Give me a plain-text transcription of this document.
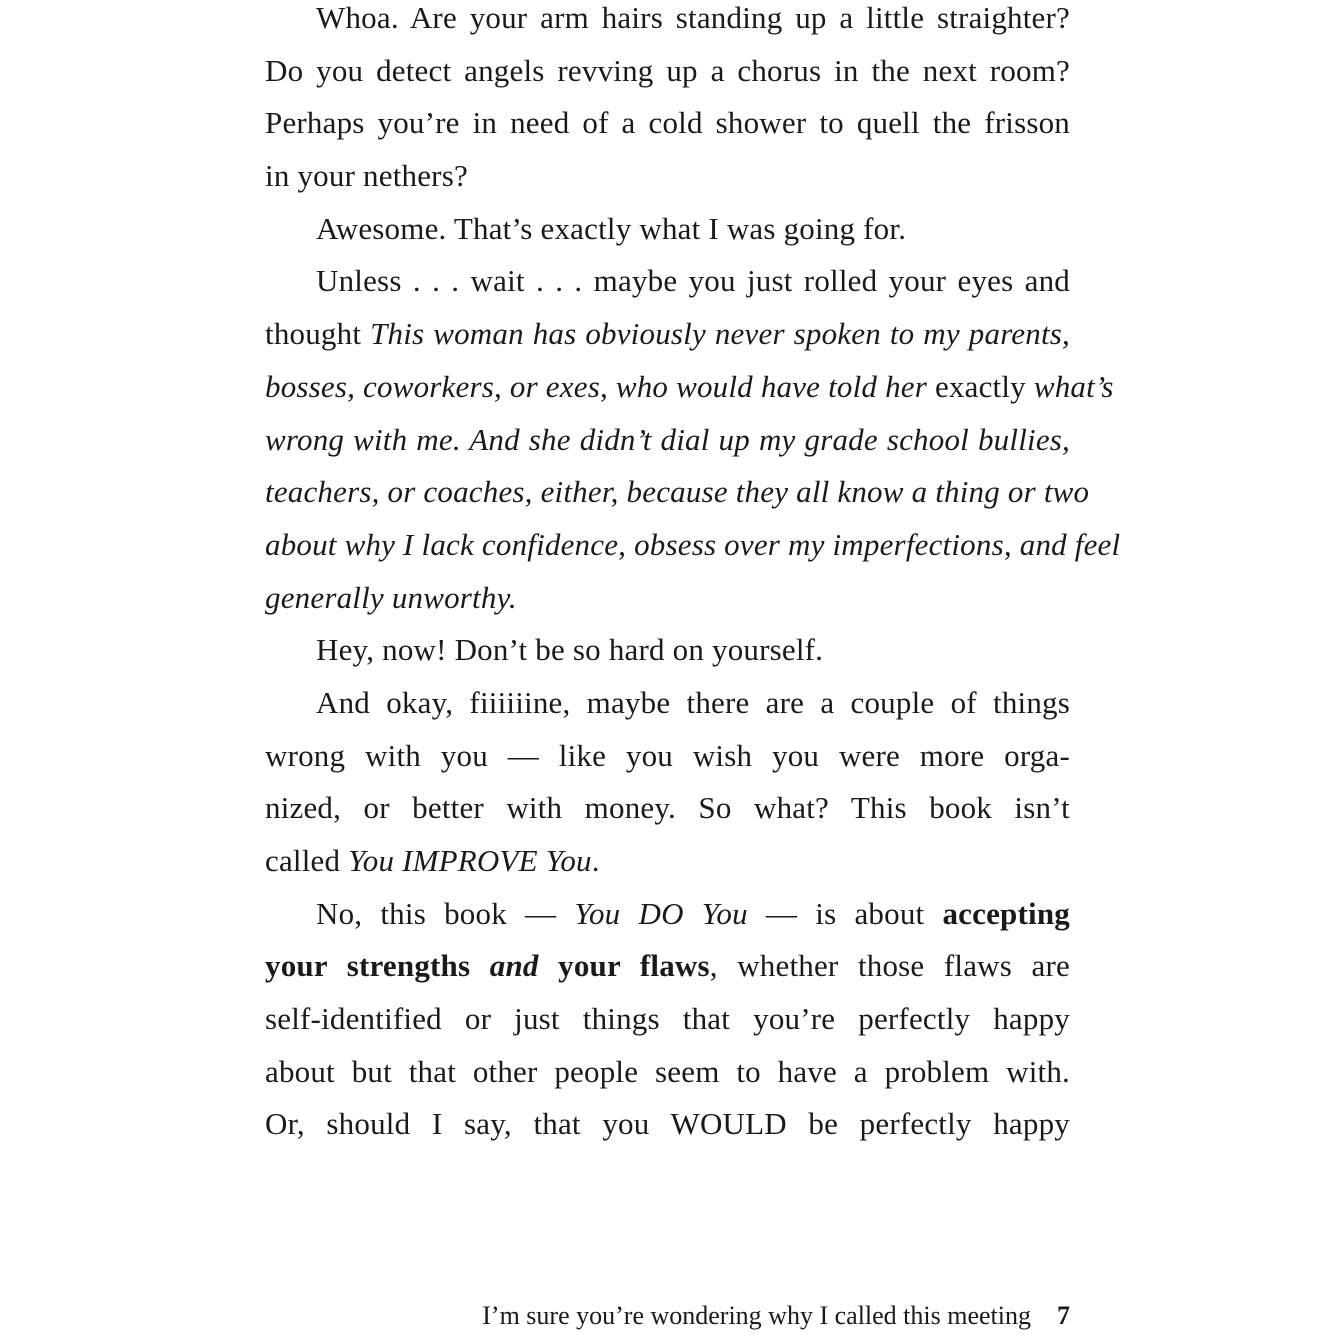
Whoa. Are your arm hairs standing up a little straighter?
Do you detect angels revving up a chorus in the next room?
Perhaps you’re in need of a cold shower to quell the frisson
in your nethers?
Awesome. That’s exactly what I was going for.
Unless . . . wait . . . maybe you just rolled your eyes and
thought This woman has obviously never spoken to my parents,
bosses, coworkers, or exes, who would have told her exactly what’s
wrong with me. And she didn’t dial up my grade school bullies,
teachers, or coaches, either, because they all know a thing or two
about why I lack confidence, obsess over my imperfections, and feel
generally unworthy.
Hey, now! Don’t be so hard on yourself.
And okay, fiiiiiine, maybe there are a couple of things
wrong with you — like you wish you were more orga-
nized, or better with money. So what? This book isn’t
called You IMPROVE You.
No, this book — You DO You — is about accepting
your strengths and your flaws, whether those flaws are
self-identified or just things that you’re perfectly happy
about but that other people seem to have a problem with.
Or, should I say, that you WOULD be perfectly happy
I’m sure you’re wondering why I called this meeting 7
